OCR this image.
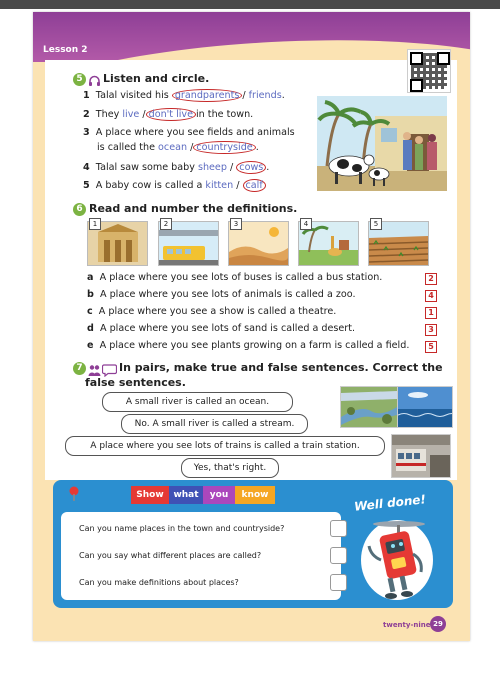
Lesson 2
5	Listen and circle.
1 Talal visited his grandparents / friends.
2 They live / don't live in the town.
3 A place where you see fields and animals
is called the ocean / countryside .
4 Talal saw some baby sheep / cows .
5 A baby cow is called a kitten / calf
6 Read and number the definitions.
1	2	3	4	5
a A place where you see lots of buses is called a bus station.	2
b A place where you see lots of animals is called a zoo.	4
c A place where you see a show is called a theatre.	1
d A place where you see lots of sand is called a desert.	3
e A place where you see plants growing on a farm is called a field.	5
7	In pairs, make true and false sentences. Correct the
false sentences.
A small river is called an ocean.
No. A small river is called a stream.
A place where you see lots of trains is called a train station.
Yes, that's right.
Can you name places in the town and countryside?
Can you say what different places are called?
Can you make definitions about places?
Show	what	you	know	Well done!
twenty-nine 29
